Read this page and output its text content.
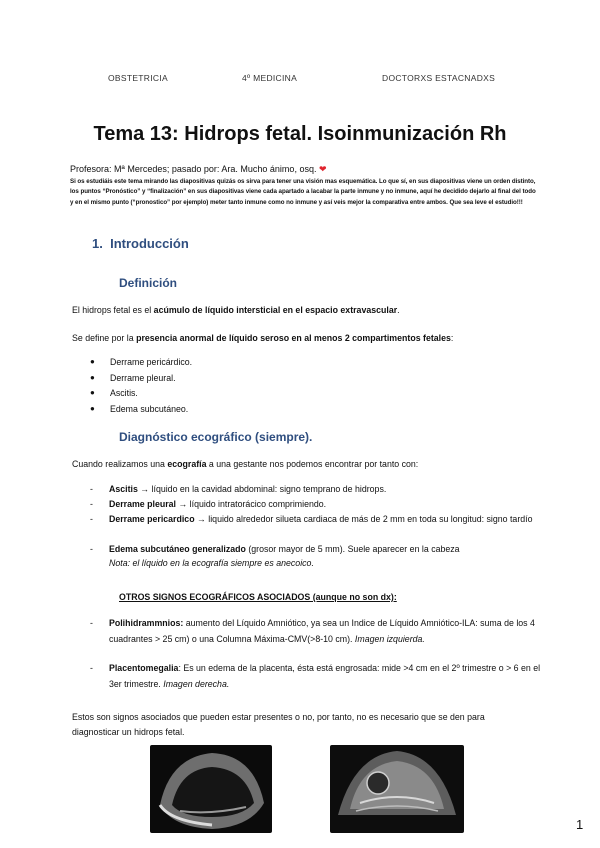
OBSTETRICIA	4º MEDICINA	DOCTORXS ESTACNADXS
Tema 13: Hidrops fetal. Isoinmunización Rh
Profesora: Mª Mercedes; pasado por: Ara. Mucho ánimo, osq. ❤
Si os estudiáis este tema mirando las diapositivas quizás os sirva para tener una visión mas esquemática. Lo que sí, en sus diapositivas viene un orden distinto, los puntos “Pronóstico” y “finalización” en sus diapositivas viene cada apartado a lacabar la parte inmune y no inmune, aquí he decidido dejarlo al final del todo y en el mismo punto (“pronostico” por ejemplo) meter tanto inmune como no inmune y así veis mejor la comparativa entre ambos. Que sea leve el estudio!!!
1. Introducción
Definición
El hidrops fetal es el acúmulo de líquido intersticial en el espacio extravascular.
Se define por la presencia anormal de líquido seroso en al menos 2 compartimentos fetales:
● Derrame pericárdico.
● Derrame pleural.
● Ascitis.
● Edema subcutáneo.
Diagnóstico ecográfico (siempre).
Cuando realizamos una ecografía a una gestante nos podemos encontrar por tanto con:
- Ascitis → líquido en la cavidad abdominal: signo temprano de hidrops.
- Derrame pleural → líquido intratorácico comprimiendo.
- Derrame pericardico → liquido alrededor silueta cardiaca de más de 2 mm en toda su longitud: signo tardío
- Edema subcutáneo generalizado (grosor mayor de 5 mm). Suele aparecer en la cabeza
Nota: el líquido en la ecografía siempre es anecoico.
OTROS SIGNOS ECOGRÁFICOS ASOCIADOS (aunque no son dx):
- Polihidrammnios: aumento del Líquido Amniótico, ya sea un Indice de Líquido Amniótico-ILA: suma de los 4 cuadrantes > 25 cm) o una Columna Máxima-CMV(>8-10 cm). Imagen izquierda.
- Placentomegalia: Es un edema de la placenta, ésta está engrosada: mide >4 cm en el 2º trimestre o > 6 en el 3er trimestre. Imagen derecha.
Estos son signos asociados que pueden estar presentes o no, por tanto, no es necesario que se den para diagnosticar un hidrops fetal.
1
